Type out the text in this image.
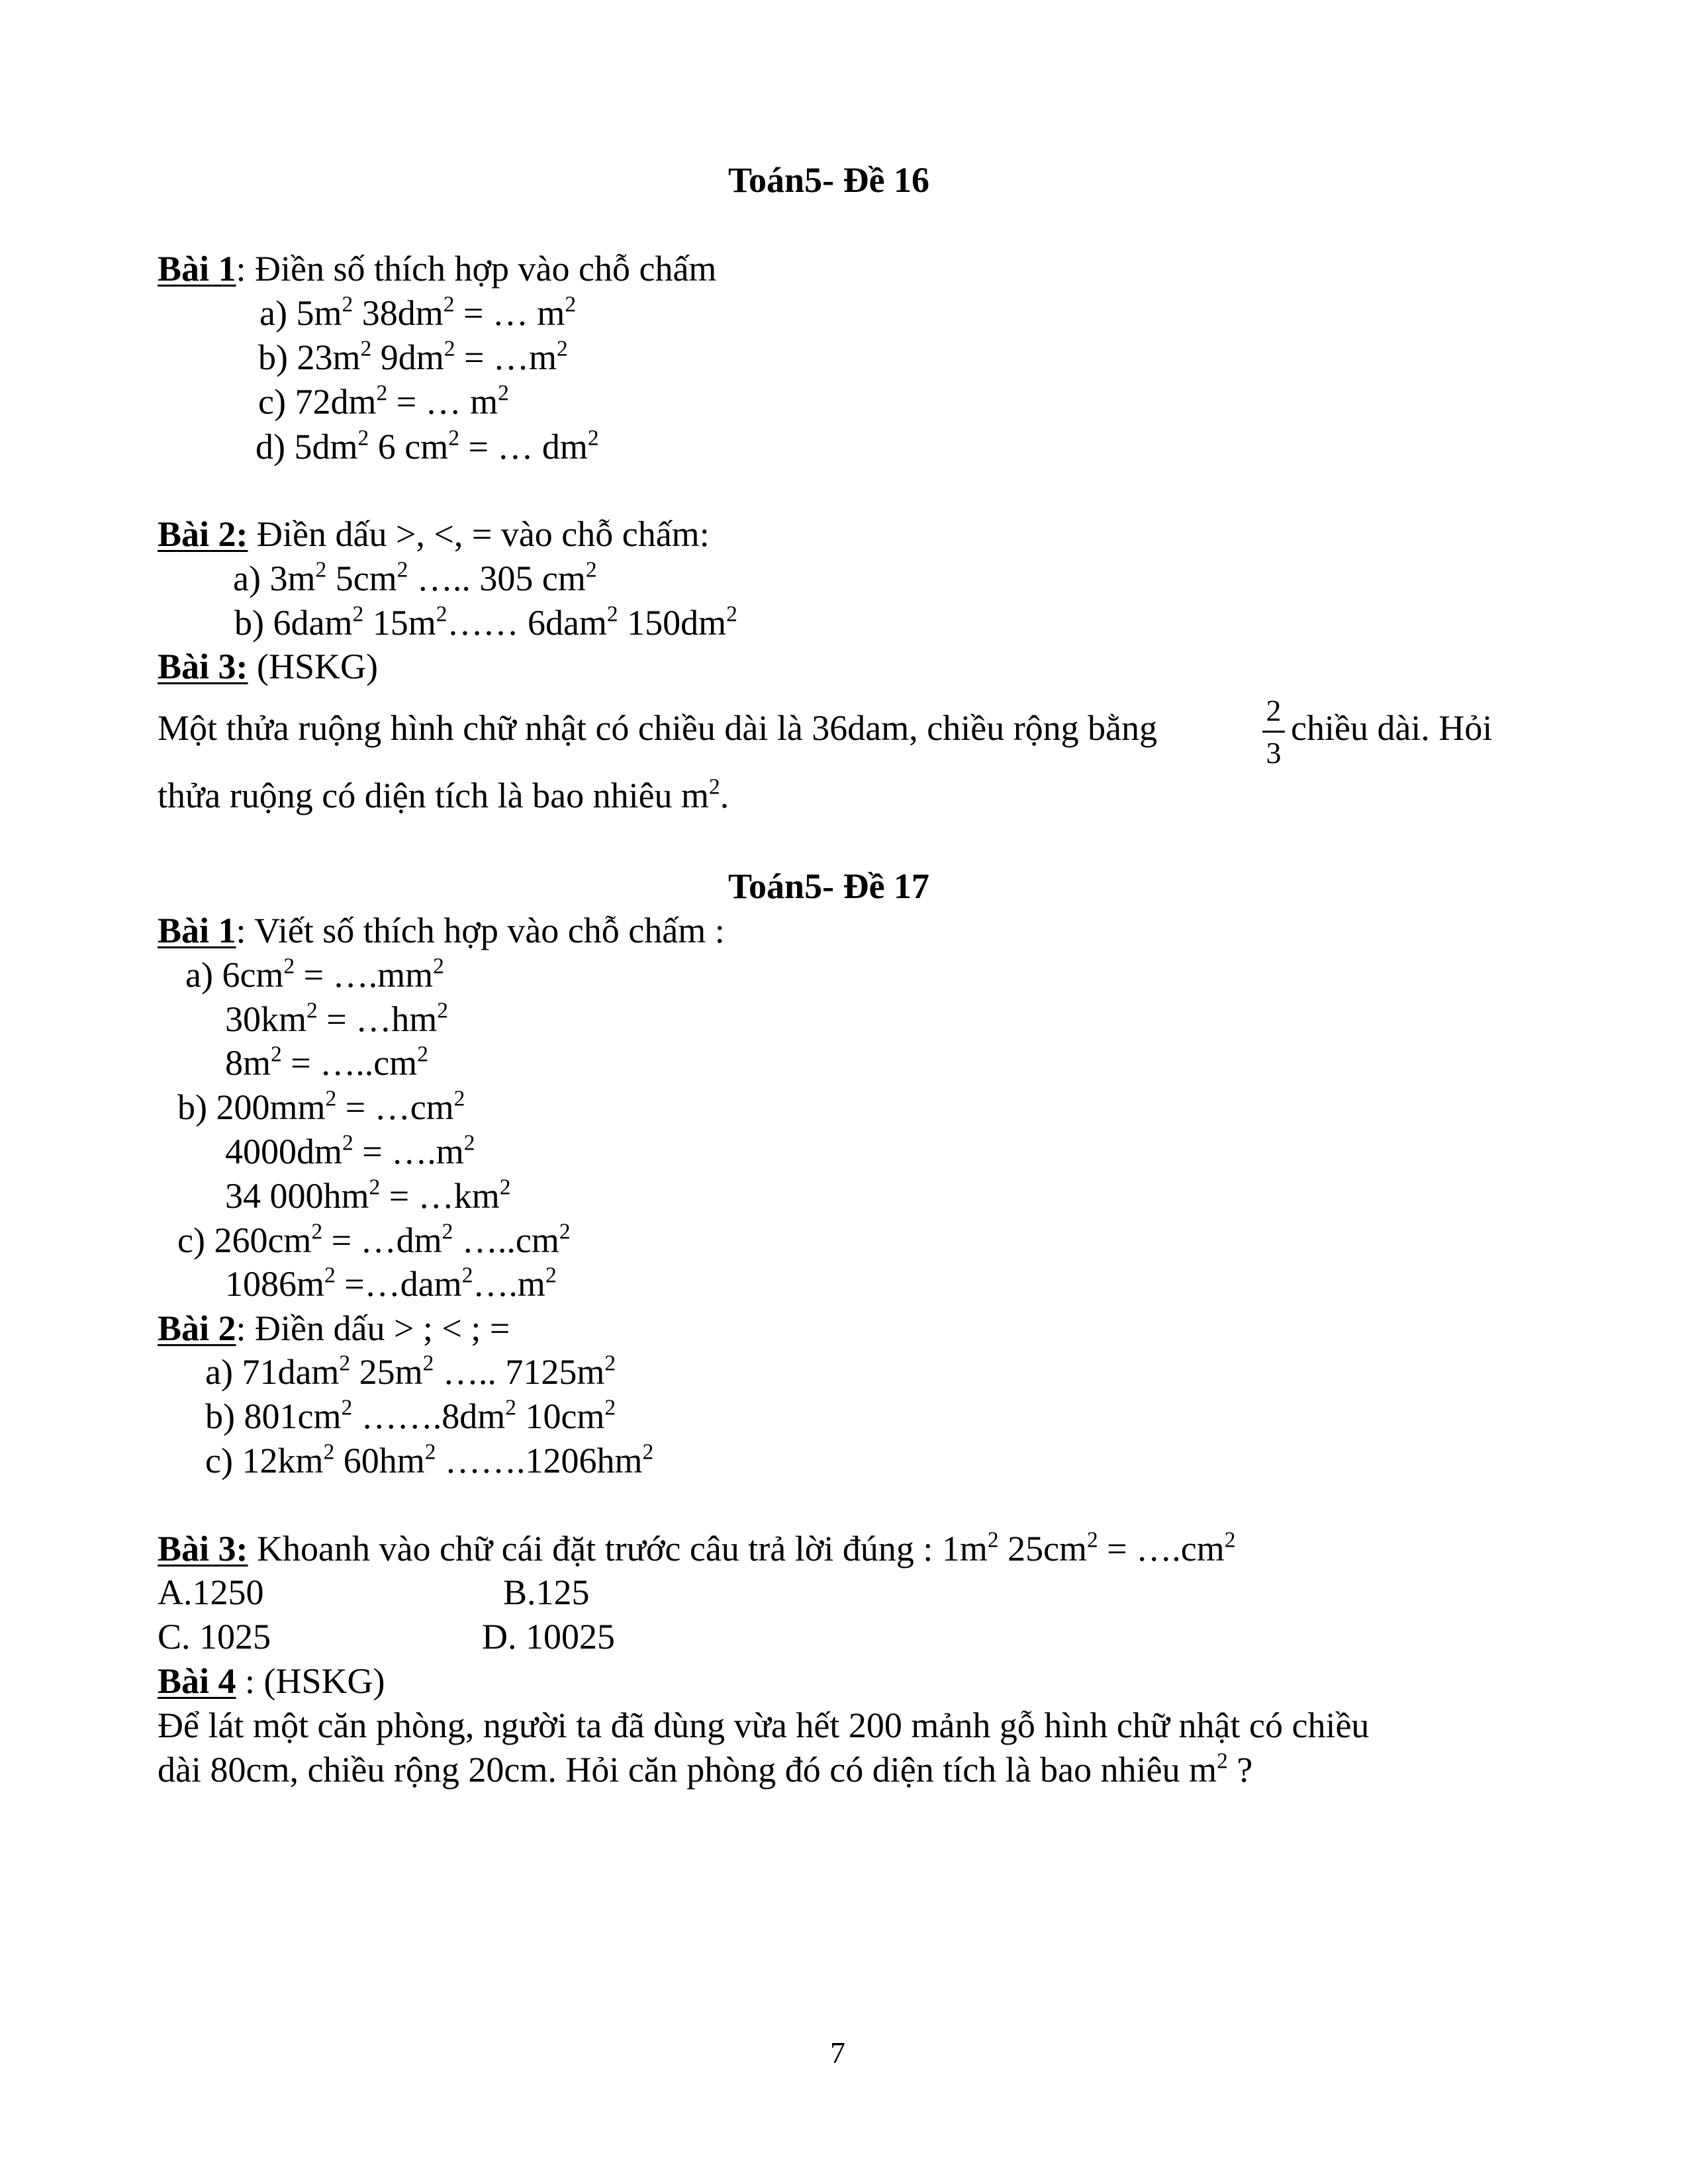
Toán5- Đề 16
Bài 1: Điền số thích hợp vào chỗ chấm
a) $5m^2$ $38dm^2$ = … $m^2$
b) $23m^2$ $9dm^2$ = $\dots m^2$
c) $72dm^2$ = … $m^2$
d) $5dm^2$ 6 $cm^2$ = … $dm^2$
Bài 2: Điền dấu >, <, = vào chỗ chấm:
a) $3m^2$ $5cm^2$ ….. 305 $cm^2$
b) 6dam$^2$ $15m^2\dots\dots$ 6dam$^2$ $150dm^2$
Bài 3: (HSKG)
Một thửa ruộng hình chữ nhật có chiều dài là 36dam, chiều rộng bằng	2
3
chiều dài. Hỏi
thửa ruộng có diện tích là bao nhiêu $m^2$.
Toán5- Đề 17
Bài 1: Viết số thích hợp vào chỗ chấm :
a) $6cm^2$ = $\dots.mm^2$
$30km^2$ = $\dots hm^2$
$8m^2$ = $\dots..cm^2$
b) $200mm^2$ = $\dots cm^2$
$4000dm^2$ = $\dots.m^2$
34 $000hm^2$ = $\dots km^2$
c) $260cm^2$ = $\dots dm^2$ $\dots..cm^2$
$1086m^2$ $=\dots dam^2\dots.m^2$
Bài 2: Điền dấu > ; < ; =
a) 71dam$^2$ $25m^2$ ….. $7125m^2$
b) $801cm^2$ $\dots\dots.8dm^2$ $10cm^2$
c) $12km^2$ $60hm^2$ $\dots\dots.1206hm^2$
Bài 3: Khoanh vào chữ cái đặt trước câu trả lời đúng : $1m^2$ $25cm^2$ = $\dots.cm^2$
A.1250	B.125
C. 1025	D. 10025
Bài 4 : (HSKG)
Để lát một căn phòng, người ta đã dùng vừa hết 200 mảnh gỗ hình chữ nhật có chiều
dài 80cm, chiều rộng 20cm. Hỏi căn phòng đó có diện tích là bao nhiêu $m^2$ ?
7
